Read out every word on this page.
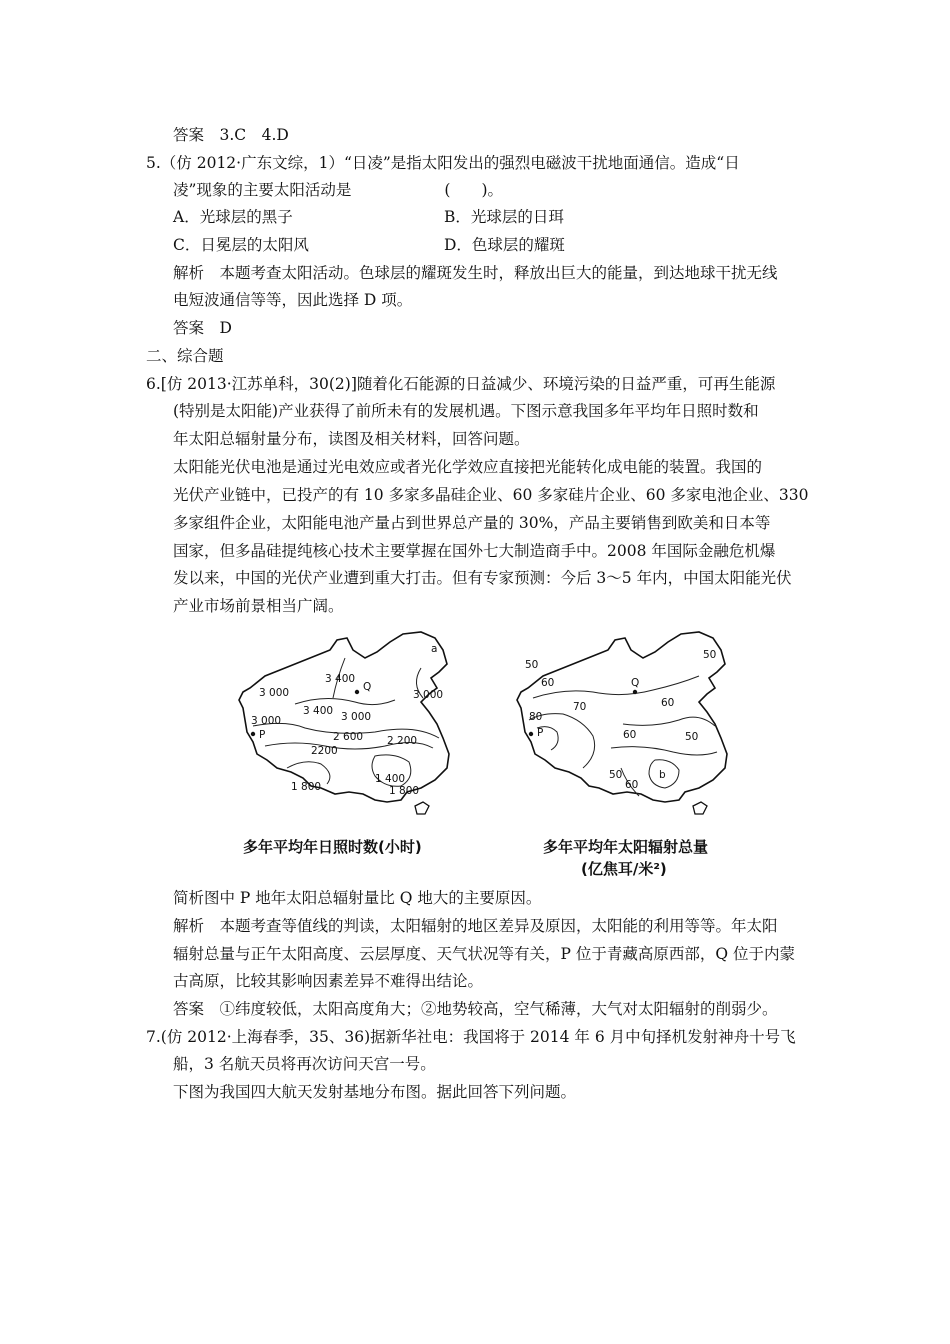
答案　3.C　4.D
5.（仿 2012·广东文综，1）“日凌”是指太阳发出的强烈电磁波干扰地面通信。造成“日
凌”现象的主要太阳活动是　　　　　　(　　)。
A．光球层的黑子	B．光球层的日珥
C．日冕层的太阳风	D．色球层的耀斑
解析　本题考查太阳活动。色球层的耀斑发生时，释放出巨大的能量，到达地球干扰无线
电短波通信等等，因此选择 D 项。
答案　D
二、综合题
6.[仿 2013·江苏单科，30(2)]随着化石能源的日益减少、环境污染的日益严重，可再生能源
(特别是太阳能)产业获得了前所未有的发展机遇。下图示意我国多年平均年日照时数和
年太阳总辐射量分布，读图及相关材料，回答问题。
太阳能光伏电池是通过光电效应或者光化学效应直接把光能转化成电能的装置。我国的
光伏产业链中，已投产的有 10 多家多晶硅企业、60 多家硅片企业、60 多家电池企业、330
多家组件企业，太阳能电池产量占到世界总产量的 30%，产品主要销售到欧美和日本等
国家，但多晶硅提纯核心技术主要掌握在国外七大制造商手中。2008 年国际金融危机爆
发以来，中国的光伏产业遭到重大打击。但有专家预测：今后 3～5 年内，中国太阳能光伏
产业市场前景相当广阔。
3 000
3 400
3 400 3 000
3 000
3 000
2 600 2 200
2200
1 400
1 800	1 800
P
Q
a	50
50
60
60
70
80
60	50
50
60
P
Q
b
多年平均年日照时数(小时)	多年平均年太阳辐射总量
(亿焦耳/米²)
简析图中 P 地年太阳总辐射量比 Q 地大的主要原因。
解析　本题考查等值线的判读，太阳辐射的地区差异及原因，太阳能的利用等等。年太阳
辐射总量与正午太阳高度、云层厚度、天气状况等有关，P 位于青藏高原西部，Q 位于内蒙
古高原，比较其影响因素差异不难得出结论。
答案　①纬度较低，太阳高度角大；②地势较高，空气稀薄，大气对太阳辐射的削弱少。
7.(仿 2012·上海春季，35、36)据新华社电：我国将于 2014 年 6 月中旬择机发射神舟十号飞
船，3 名航天员将再次访问天宫一号。
下图为我国四大航天发射基地分布图。据此回答下列问题。
